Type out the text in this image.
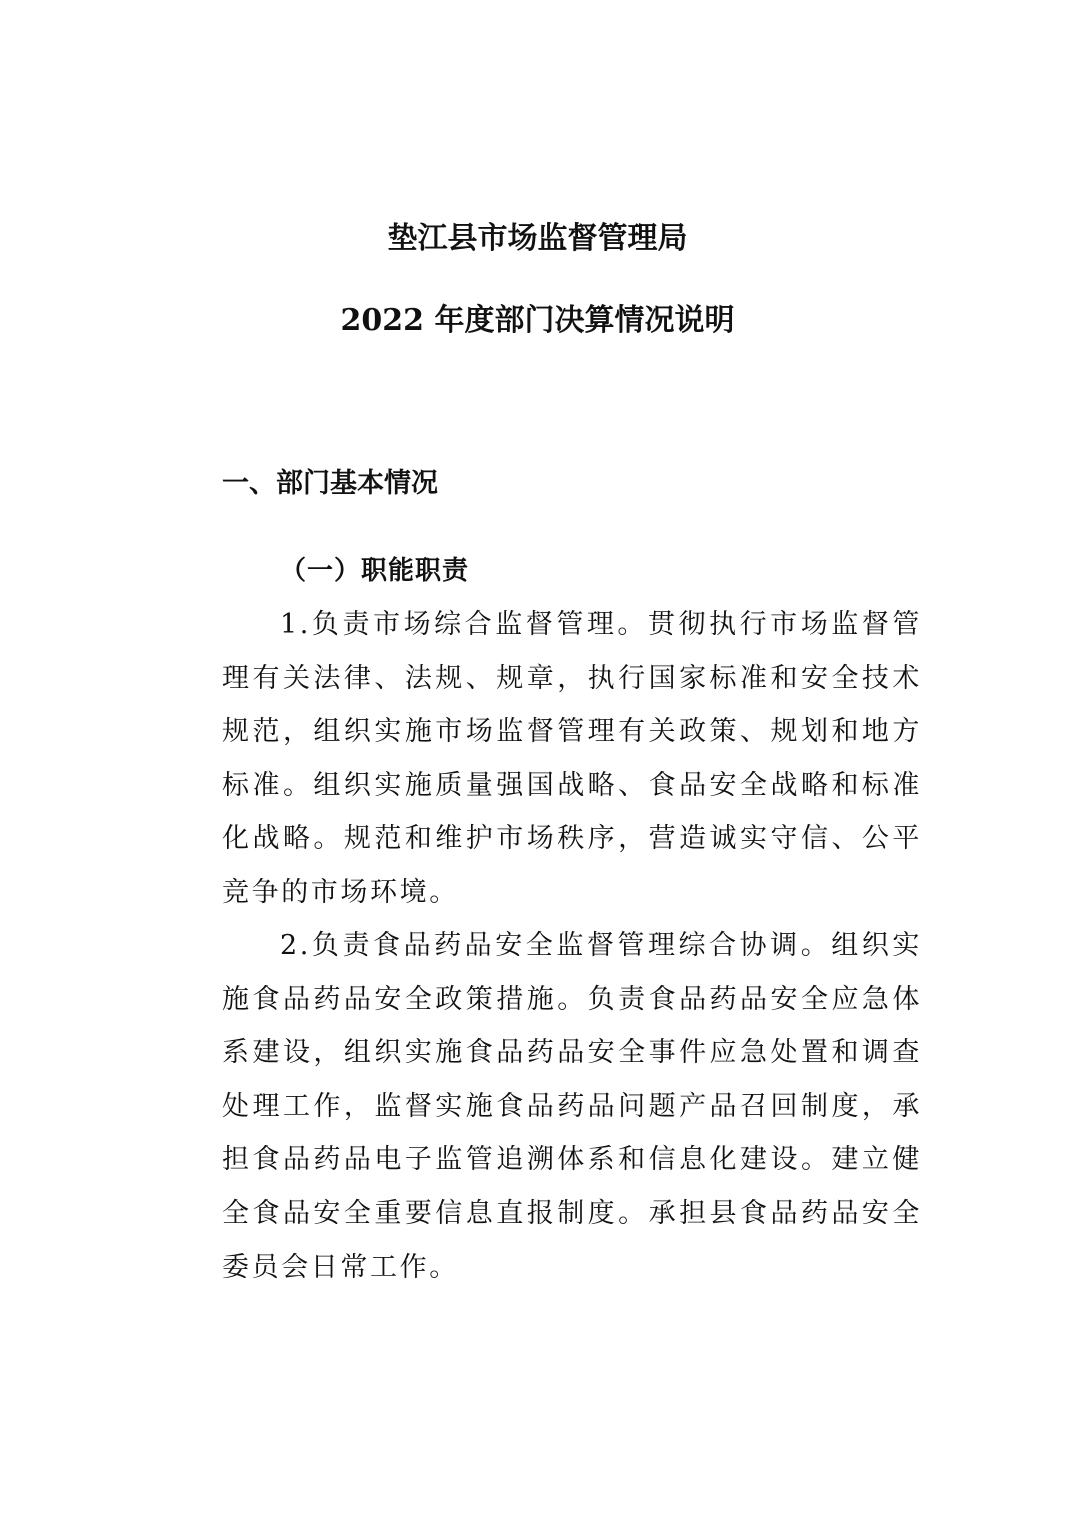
垫江县市场监督管理局
2022 年度部门决算情况说明
一、部门基本情况
（一）职能职责

1.负责市场综合监督管理。贯彻执行市场监督管理有关法律、法规、规章，执行国家标准和安全技术规范，组织实施市场监督管理有关政策、规划和地方标准。组织实施质量强国战略、食品安全战略和标准化战略。规范和维护市场秩序，营造诚实守信、公平竞争的市场环境。

2.负责食品药品安全监督管理综合协调。组织实施食品药品安全政策措施。负责食品药品安全应急体系建设，组织实施食品药品安全事件应急处置和调查处理工作，监督实施食品药品问题产品召回制度，承担食品药品电子监管追溯体系和信息化建设。建立健全食品安全重要信息直报制度。承担县食品药品安全委员会日常工作。
